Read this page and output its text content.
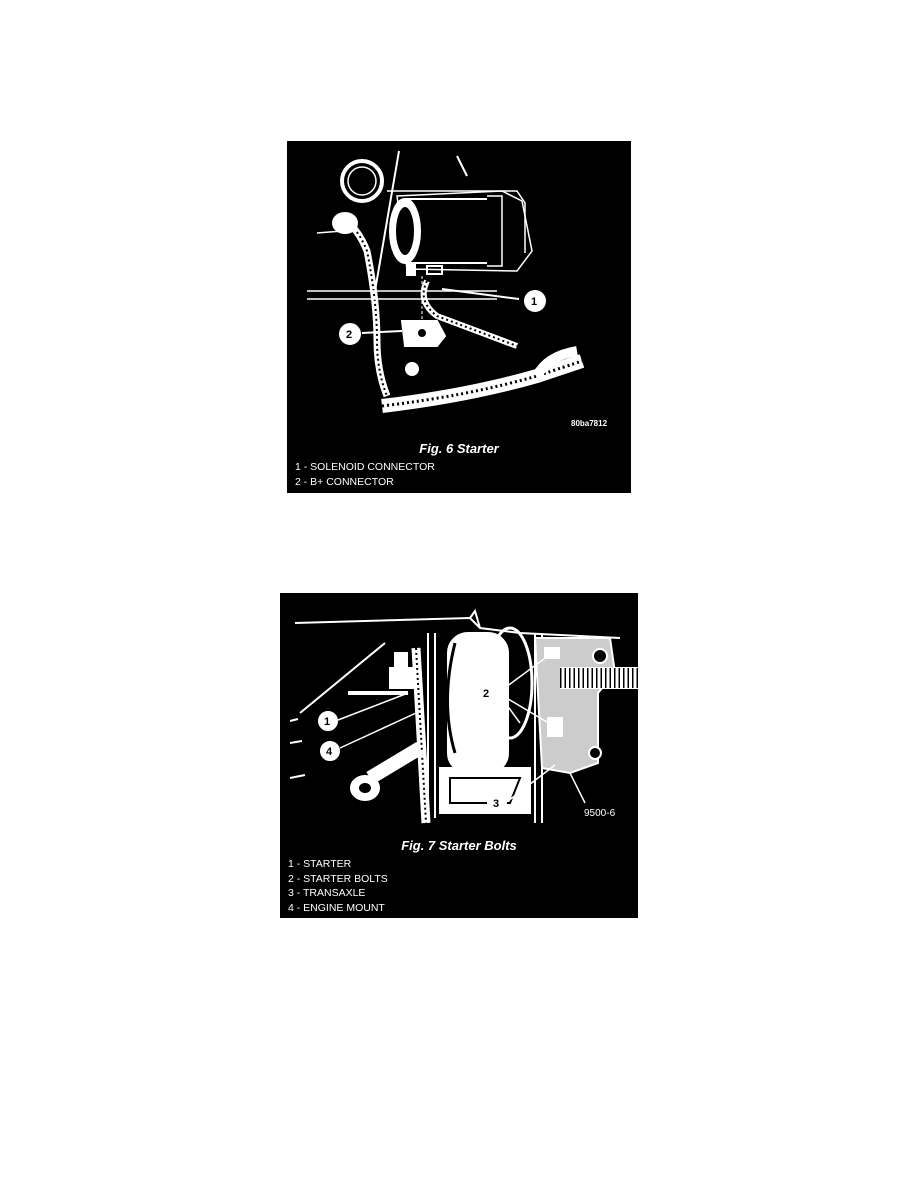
1
2
80ba7812
Fig. 6 Starter
1 - SOLENOID CONNECTOR
2 - B+ CONNECTOR
1
2
3
4
9500-6
Fig. 7 Starter Bolts
1 - STARTER
2 - STARTER BOLTS
3 - TRANSAXLE
4 - ENGINE MOUNT
